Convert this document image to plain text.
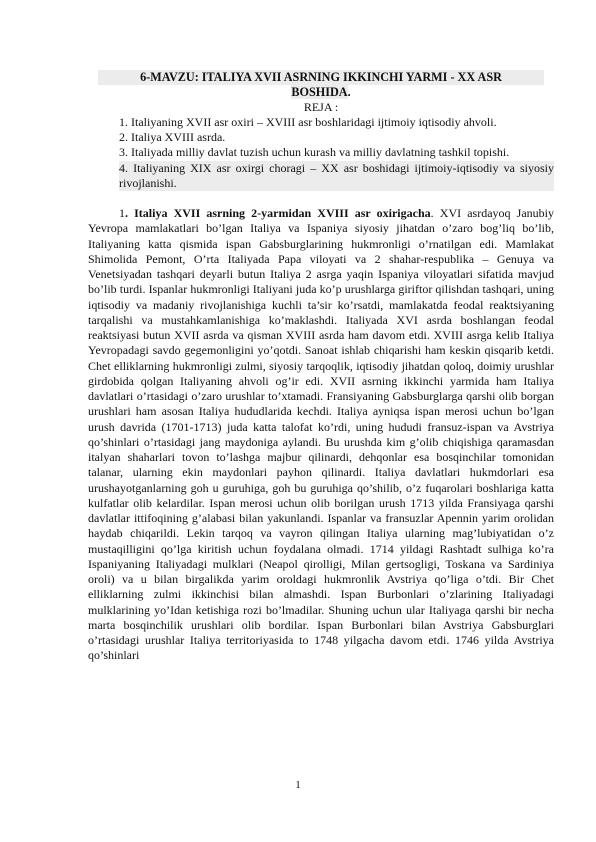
6-MAVZU: ITALIYA XVII ASRNING IKKINCHI YARMI - XX ASR
BOSHIDA.
REJA :
1. Italiyaning XVII asr oxiri – XVIII asr boshlaridagi ijtimoiy iqtisodiy ahvoli.
2. Italiya XVIII asrda.
3. Italiyada milliy davlat tuzish uchun kurash va milliy davlatning tashkil topishi.
4. Italiyaning XIX asr oxirgi choragi – XX asr boshidagi ijtimoiy-iqtisodiy va siyosiy rivojlanishi.

1. Italiya XVII asrning 2-yarmidan XVIII asr oxirigacha. XVI asrdayoq Janubiy Yevropa mamlakatlari bo’lgan Italiya va Ispaniya siyosiy jihatdan o’zaro bog’liq bo’lib, Italiyaning katta qismida ispan Gabsburglarining hukmronligi o’rnatilgan edi. Mamlakat Shimolida Pemont, O’rta Italiyada Papa viloyati va 2 shahar-respublika – Genuya va Venetsiyadan tashqari deyarli butun Italiya 2 asrga yaqin Ispaniya viloyatlari sifatida mavjud bo’lib turdi. Ispanlar hukmronligi Italiyani juda ko’p urushlarga giriftor qilishdan tashqari, uning iqtisodiy va madaniy rivojlanishiga kuchli ta’sir ko’rsatdi, mamlakatda feodal reaktsiyaning tarqalishi va mustahkamlanishiga ko’maklashdi. Italiyada XVI asrda boshlangan feodal reaktsiyasi butun XVII asrda va qisman XVIII asrda ham davom etdi. XVIII asrga kelib Italiya Yevropadagi savdo gegemonligini yo’qotdi. Sanoat ishlab chiqarishi ham keskin qisqarib ketdi. Chet elliklarning hukmronligi zulmi, siyosiy tarqoqlik, iqtisodiy jihatdan qoloq, doimiy urushlar girdobida qolgan Italiyaning ahvoli og’ir edi. XVII asrning ikkinchi yarmida ham Italiya davlatlari o’rtasidagi o’zaro urushlar to’xtamadi. Fransiyaning Gabsburglarga qarshi olib borgan urushlari ham asosan Italiya hududlarida kechdi. Italiya ayniqsa ispan merosi uchun bo’lgan urush davrida (1701-1713) juda katta talofat ko’rdi, uning hududi fransuz-ispan va Avstriya qo’shinlari o’rtasidagi jang maydoniga aylandi. Bu urushda kim g’olib chiqishiga qaramasdan italyan shaharlari tovon to’lashga majbur qilinardi, dehqonlar esa bosqinchilar tomonidan talanar, ularning ekin maydonlari payhon qilinardi. Italiya davlatlari hukmdorlari esa urushayotganlarning goh u guruhiga, goh bu guruhiga qo’shilib, o’z fuqarolari boshlariga katta kulfatlar olib kelardilar. Ispan merosi uchun olib borilgan urush 1713 yilda Fransiyaga qarshi davlatlar ittifoqining g’alabasi bilan yakunlandi. Ispanlar va fransuzlar Apennin yarim orolidan haydab chiqarildi. Lekin tarqoq va vayron qilingan Italiya ularning mag’lubiyatidan o’z mustaqilligini qo’lga kiritish uchun foydalana olmadi. 1714 yildagi Rashtadt sulhiga ko’ra Ispaniyaning Italiyadagi mulklari (Neapol qirolligi, Milan gertsogligi, Toskana va Sardiniya oroli) va u bilan birgalikda yarim oroldagi hukmronlik Avstriya qo’liga o’tdi. Bir Chet elliklarning zulmi ikkinchisi bilan almashdi. Ispan Burbonlari o’zlarining Italiyadagi mulklarining yo’Idan ketishiga rozi bo’lmadilar. Shuning uchun ular Italiyaga qarshi bir necha marta bosqinchilik urushlari olib bordilar. Ispan Burbonlari bilan Avstriya Gabsburglari o’rtasidagi urushlar Italiya territoriyasida to 1748 yilgacha davom etdi. 1746 yilda Avstriya qo’shinlari

1
